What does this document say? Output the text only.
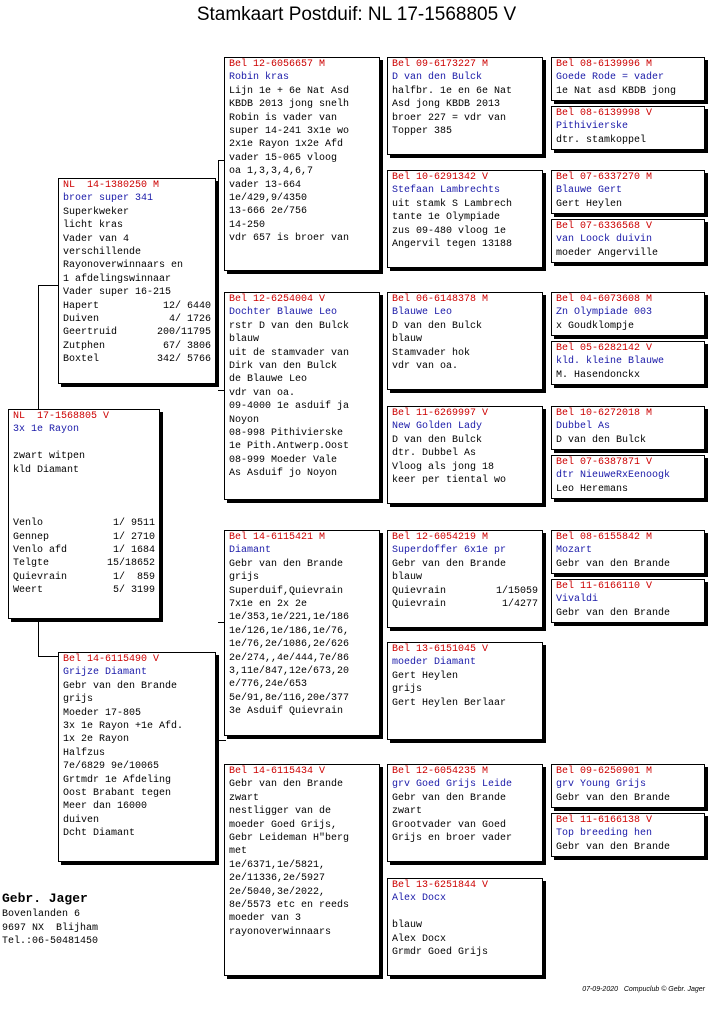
Stamkaart Postduif: NL 17-1568805 V
NL  17-1568805 V
3x 1e Rayon
zwart witpen
kld Diamant
Venlo	1/ 9511
Gennep	1/ 2710
Venlo afd	1/ 1684
Telgte	15/18652
Quievrain	1/  859
Weert	5/ 3199
NL  14-1380250 M
broer super 341
Superkweker
licht kras
Vader van 4
verschillende
Rayonoverwinnaars en
1 afdelingswinnaar
Vader super 16-215
Hapert	12/ 6440
Duiven	4/ 1726
Geertruid	200/11795
Zutphen	67/ 3806
Boxtel	342/ 5766
Bel 14-6115490 V
Grijze Diamant
Gebr van den Brande
grijs
Moeder 17-805
3x 1e Rayon +1e Afd.
1x 2e Rayon
Halfzus
7e/6829 9e/10065
Grtmdr 1e Afdeling
Oost Brabant tegen
Meer dan 16000
duiven
Dcht Diamant
Bel 12-6056657 M
Robin kras
Lijn 1e + 6e Nat Asd
KBDB 2013 jong snelh
Robin is vader van
super 14-241 3x1e wo
2x1e Rayon 1x2e Afd
vader 15-065 vloog
oa 1,3,3,4,6,7
vader 13-664
1e/429,9/4350
13-666 2e/756
14-250
vdr 657 is broer van
Bel 12-6254004 V
Dochter Blauwe Leo
rstr D van den Bulck
blauw
uit de stamvader van
Dirk van den Bulck
de Blauwe Leo
vdr van oa.
09-4000 1e asduif ja
Noyon
08-998 Pithivierske
1e Pith.Antwerp.Oost
08-999 Moeder Vale
As Asduif jo Noyon
Bel 14-6115421 M
Diamant
Gebr van den Brande
grijs
Superduif,Quievrain
7x1e en 2x 2e
1e/353,1e/221,1e/186
1e/126,1e/186,1e/76,
1e/76,2e/1086,2e/626
2e/274,,4e/444,7e/86
3,11e/847,12e/673,20
e/776,24e/653
5e/91,8e/116,20e/377
3e Asduif Quievrain
Bel 14-6115434 V
Gebr van den Brande
zwart
nestligger van de
moeder Goed Grijs,
Gebr Leideman H"berg
met
1e/6371,1e/5821,
2e/11336,2e/5927
2e/5040,3e/2022,
8e/5573 etc en reeds
moeder van 3
rayonoverwinnaars
Bel 09-6173227 M
D van den Bulck
halfbr. 1e en 6e Nat
Asd jong KBDB 2013
broer 227 = vdr van
Topper 385
Bel 10-6291342 V
Stefaan Lambrechts
uit stamk S Lambrech
tante 1e Olympiade
zus 09-480 vloog 1e
Angervil tegen 13188
Bel 06-6148378 M
Blauwe Leo
D van den Bulck
blauw
Stamvader hok
vdr van oa.
Bel 11-6269997 V
New Golden Lady
D van den Bulck
dtr. Dubbel As
Vloog als jong 18
keer per tiental wo
Bel 12-6054219 M
Superdoffer 6x1e pr
Gebr van den Brande
blauw
Quievrain	1/15059
Quievrain	1/4277
Bel 13-6151045 V
moeder Diamant
Gert Heylen
grijs
Gert Heylen Berlaar
Bel 12-6054235 M
grv Goed Grijs Leide
Gebr van den Brande
zwart
Grootvader van Goed
Grijs en broer vader
Bel 13-6251844 V
Alex Docx
blauw
Alex Docx
Grmdr Goed Grijs
Bel 08-6139996 M
Goede Rode = vader
1e Nat asd KBDB jong
Bel 08-6139998 V
Pithivierske
dtr. stamkoppel
Bel 07-6337270 M
Blauwe Gert
Gert Heylen
Bel 07-6336568 V
van Loock duivin
moeder Angerville
Bel 04-6073608 M
Zn Olympiade 003
x Goudklompje
Bel 05-6282142 V
kld. kleine Blauwe
M. Hasendonckx
Bel 10-6272018 M
Dubbel As
D van den Bulck
Bel 07-6387871 V
dtr NieuweRxEenoogk
Leo Heremans
Bel 08-6155842 M
Mozart
Gebr van den Brande
Bel 11-6166110 V
Vivaldi
Gebr van den Brande
Bel 09-6250901 M
grv Young Grijs
Gebr van den Brande
Bel 11-6166138 V
Top breeding hen
Gebr van den Brande
Gebr. Jager
Bovenlanden 6
9697 NX  Blijham
Tel.:06-50481450
07-09-2020 Compuclub © Gebr. Jager
